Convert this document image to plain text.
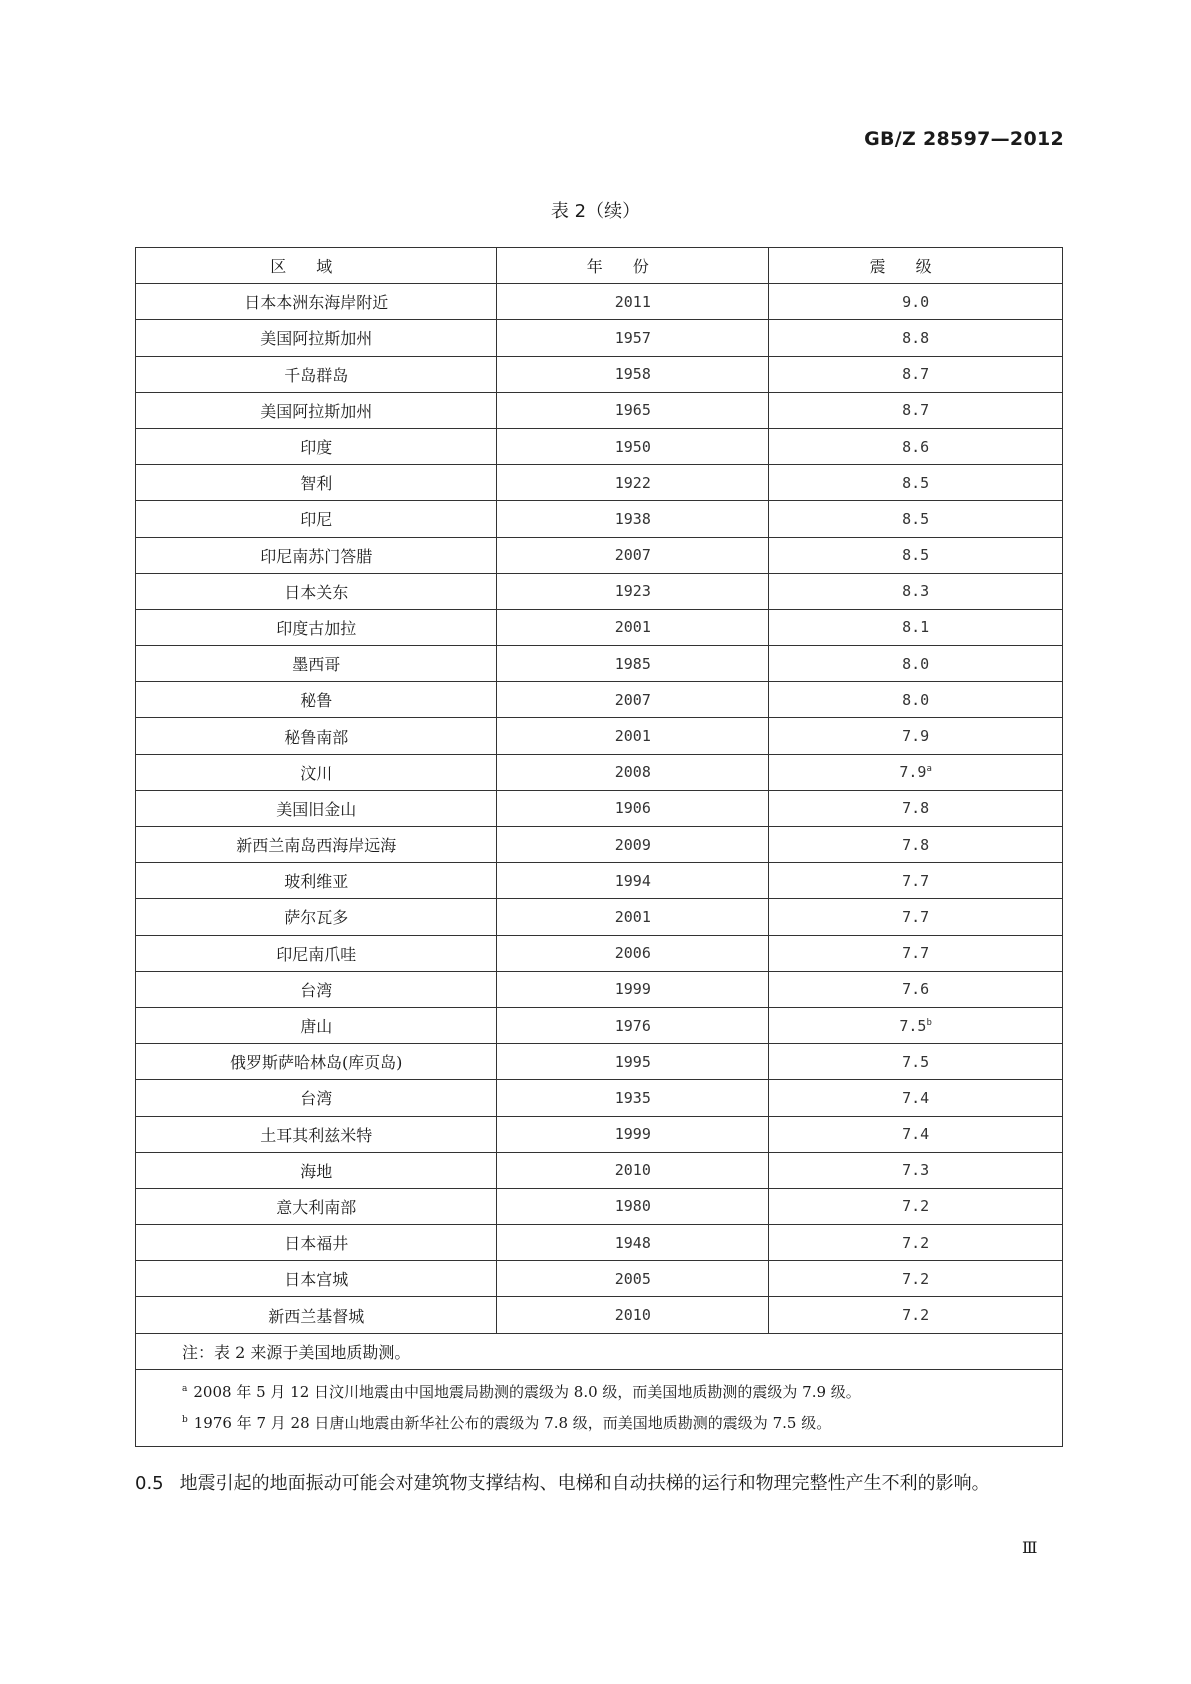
GB/Z 28597—2012
表 2（续）
区域	年份	震级
日本本洲东海岸附近	2011	9.0
美国阿拉斯加州	1957	8.8
千岛群岛	1958	8.7
美国阿拉斯加州	1965	8.7
印度	1950	8.6
智利	1922	8.5
印尼	1938	8.5
印尼南苏门答腊	2007	8.5
日本关东	1923	8.3
印度古加拉	2001	8.1
墨西哥	1985	8.0
秘鲁	2007	8.0
秘鲁南部	2001	7.9
汶川	2008	7.9$^a$
美国旧金山	1906	7.8
新西兰南岛西海岸远海	2009	7.8
玻利维亚	1994	7.7
萨尔瓦多	2001	7.7
印尼南爪哇	2006	7.7
台湾	1999	7.6
唐山	1976	7.5$^b$
俄罗斯萨哈林岛(库页岛)	1995	7.5
台湾	1935	7.4
土耳其利兹米特	1999	7.4
海地	2010	7.3
意大利南部	1980	7.2
日本福井	1948	7.2
日本宫城	2005	7.2
新西兰基督城	2010	7.2
注：表 2 来源于美国地质勘测。		

$^a$ 2008 年 5 月 12 日汶川地震由中国地震局勘测的震级为 8.0 级，而美国地质勘测的震级为 7.9 级。
$^b$ 1976 年 7 月 28 日唐山地震由新华社公布的震级为 7.8 级，而美国地质勘测的震级为 7.5 级。		
0.5 地震引起的地面振动可能会对建筑物支撑结构、电梯和自动扶梯的运行和物理完整性产生不利的影响。
Ⅲ
